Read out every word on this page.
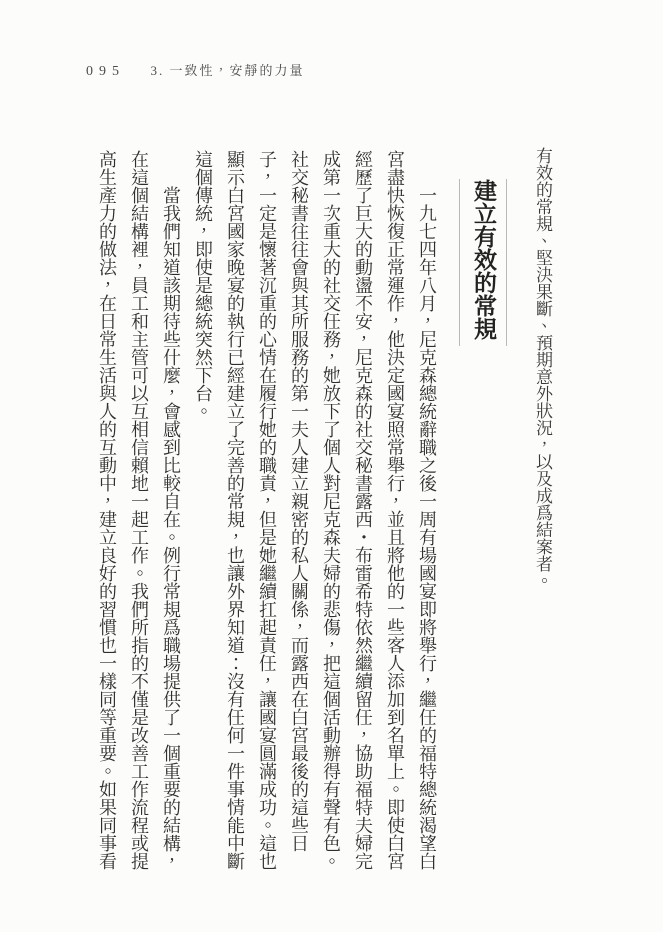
095 3. 一致性，安靜的力量
有效的常規、堅決果斷、預期意外狀況，以及成爲結案者。
建立有效的常規
一九七四年八月，尼克森總統辭職之後一周有場國宴即將舉行，繼任的福特總統渴望白
宮盡快恢復正常運作，他決定國宴照常舉行，並且將他的一些客人添加到名單上。即使白宮
經歷了巨大的動盪不安，尼克森的社交秘書露西・布雷希特依然繼續留任，協助福特夫婦完
成第一次重大的社交任務，她放下了個人對尼克森夫婦的悲傷，把這個活動辦得有聲有色。
社交秘書往往會與其所服務的第一夫人建立親密的私人關係，而露西在白宮最後的這些日
子，一定是懷著沉重的心情在履行她的職責，但是她繼續扛起責任，讓國宴圓滿成功。這也
顯示白宮國家晚宴的執行已經建立了完善的常規，也讓外界知道：沒有任何一件事情能中斷
這個傳統，即使是總統突然下台。
當我們知道該期待些什麼，會感到比較自在。例行常規爲職場提供了一個重要的結構，
在這個結構裡，員工和主管可以互相信賴地一起工作。我們所指的不僅是改善工作流程或提
高生產力的做法，在日常生活與人的互動中，建立良好的習慣也一樣同等重要。如果同事看
